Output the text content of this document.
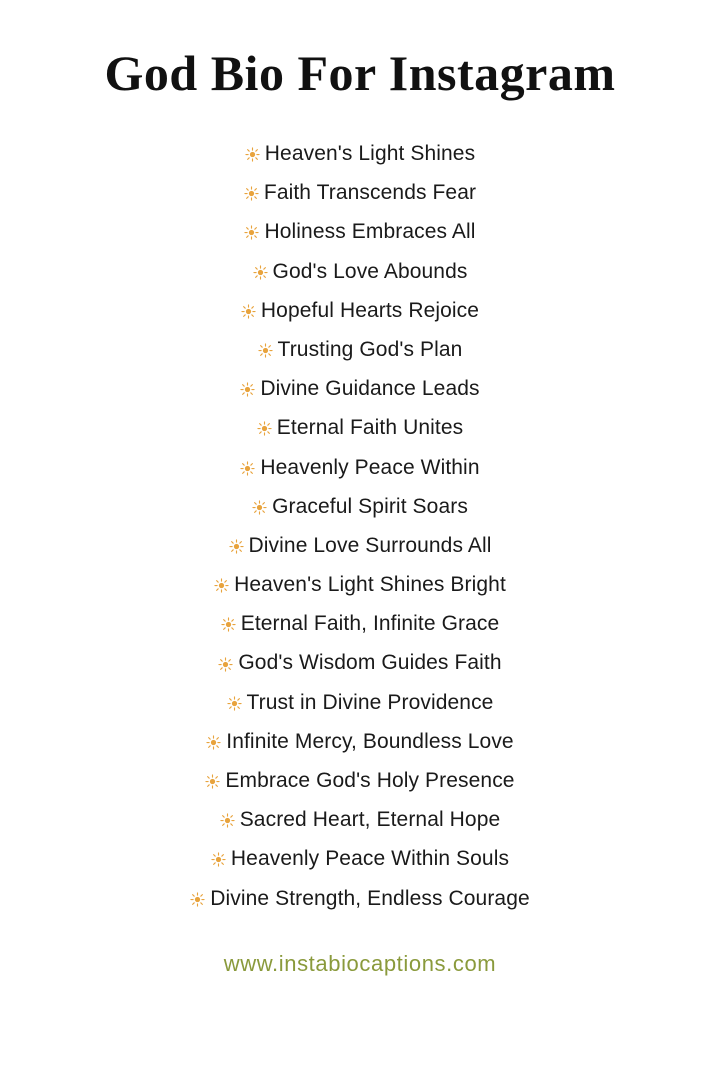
God Bio For Instagram
Heaven's Light Shines
Faith Transcends Fear
Holiness Embraces All
God's Love Abounds
Hopeful Hearts Rejoice
Trusting God's Plan
Divine Guidance Leads
Eternal Faith Unites
Heavenly Peace Within
Graceful Spirit Soars
Divine Love Surrounds All
Heaven's Light Shines Bright
Eternal Faith, Infinite Grace
God's Wisdom Guides Faith
Trust in Divine Providence
Infinite Mercy, Boundless Love
Embrace God's Holy Presence
Sacred Heart, Eternal Hope
Heavenly Peace Within Souls
Divine Strength, Endless Courage
www.instabiocaptions.com
